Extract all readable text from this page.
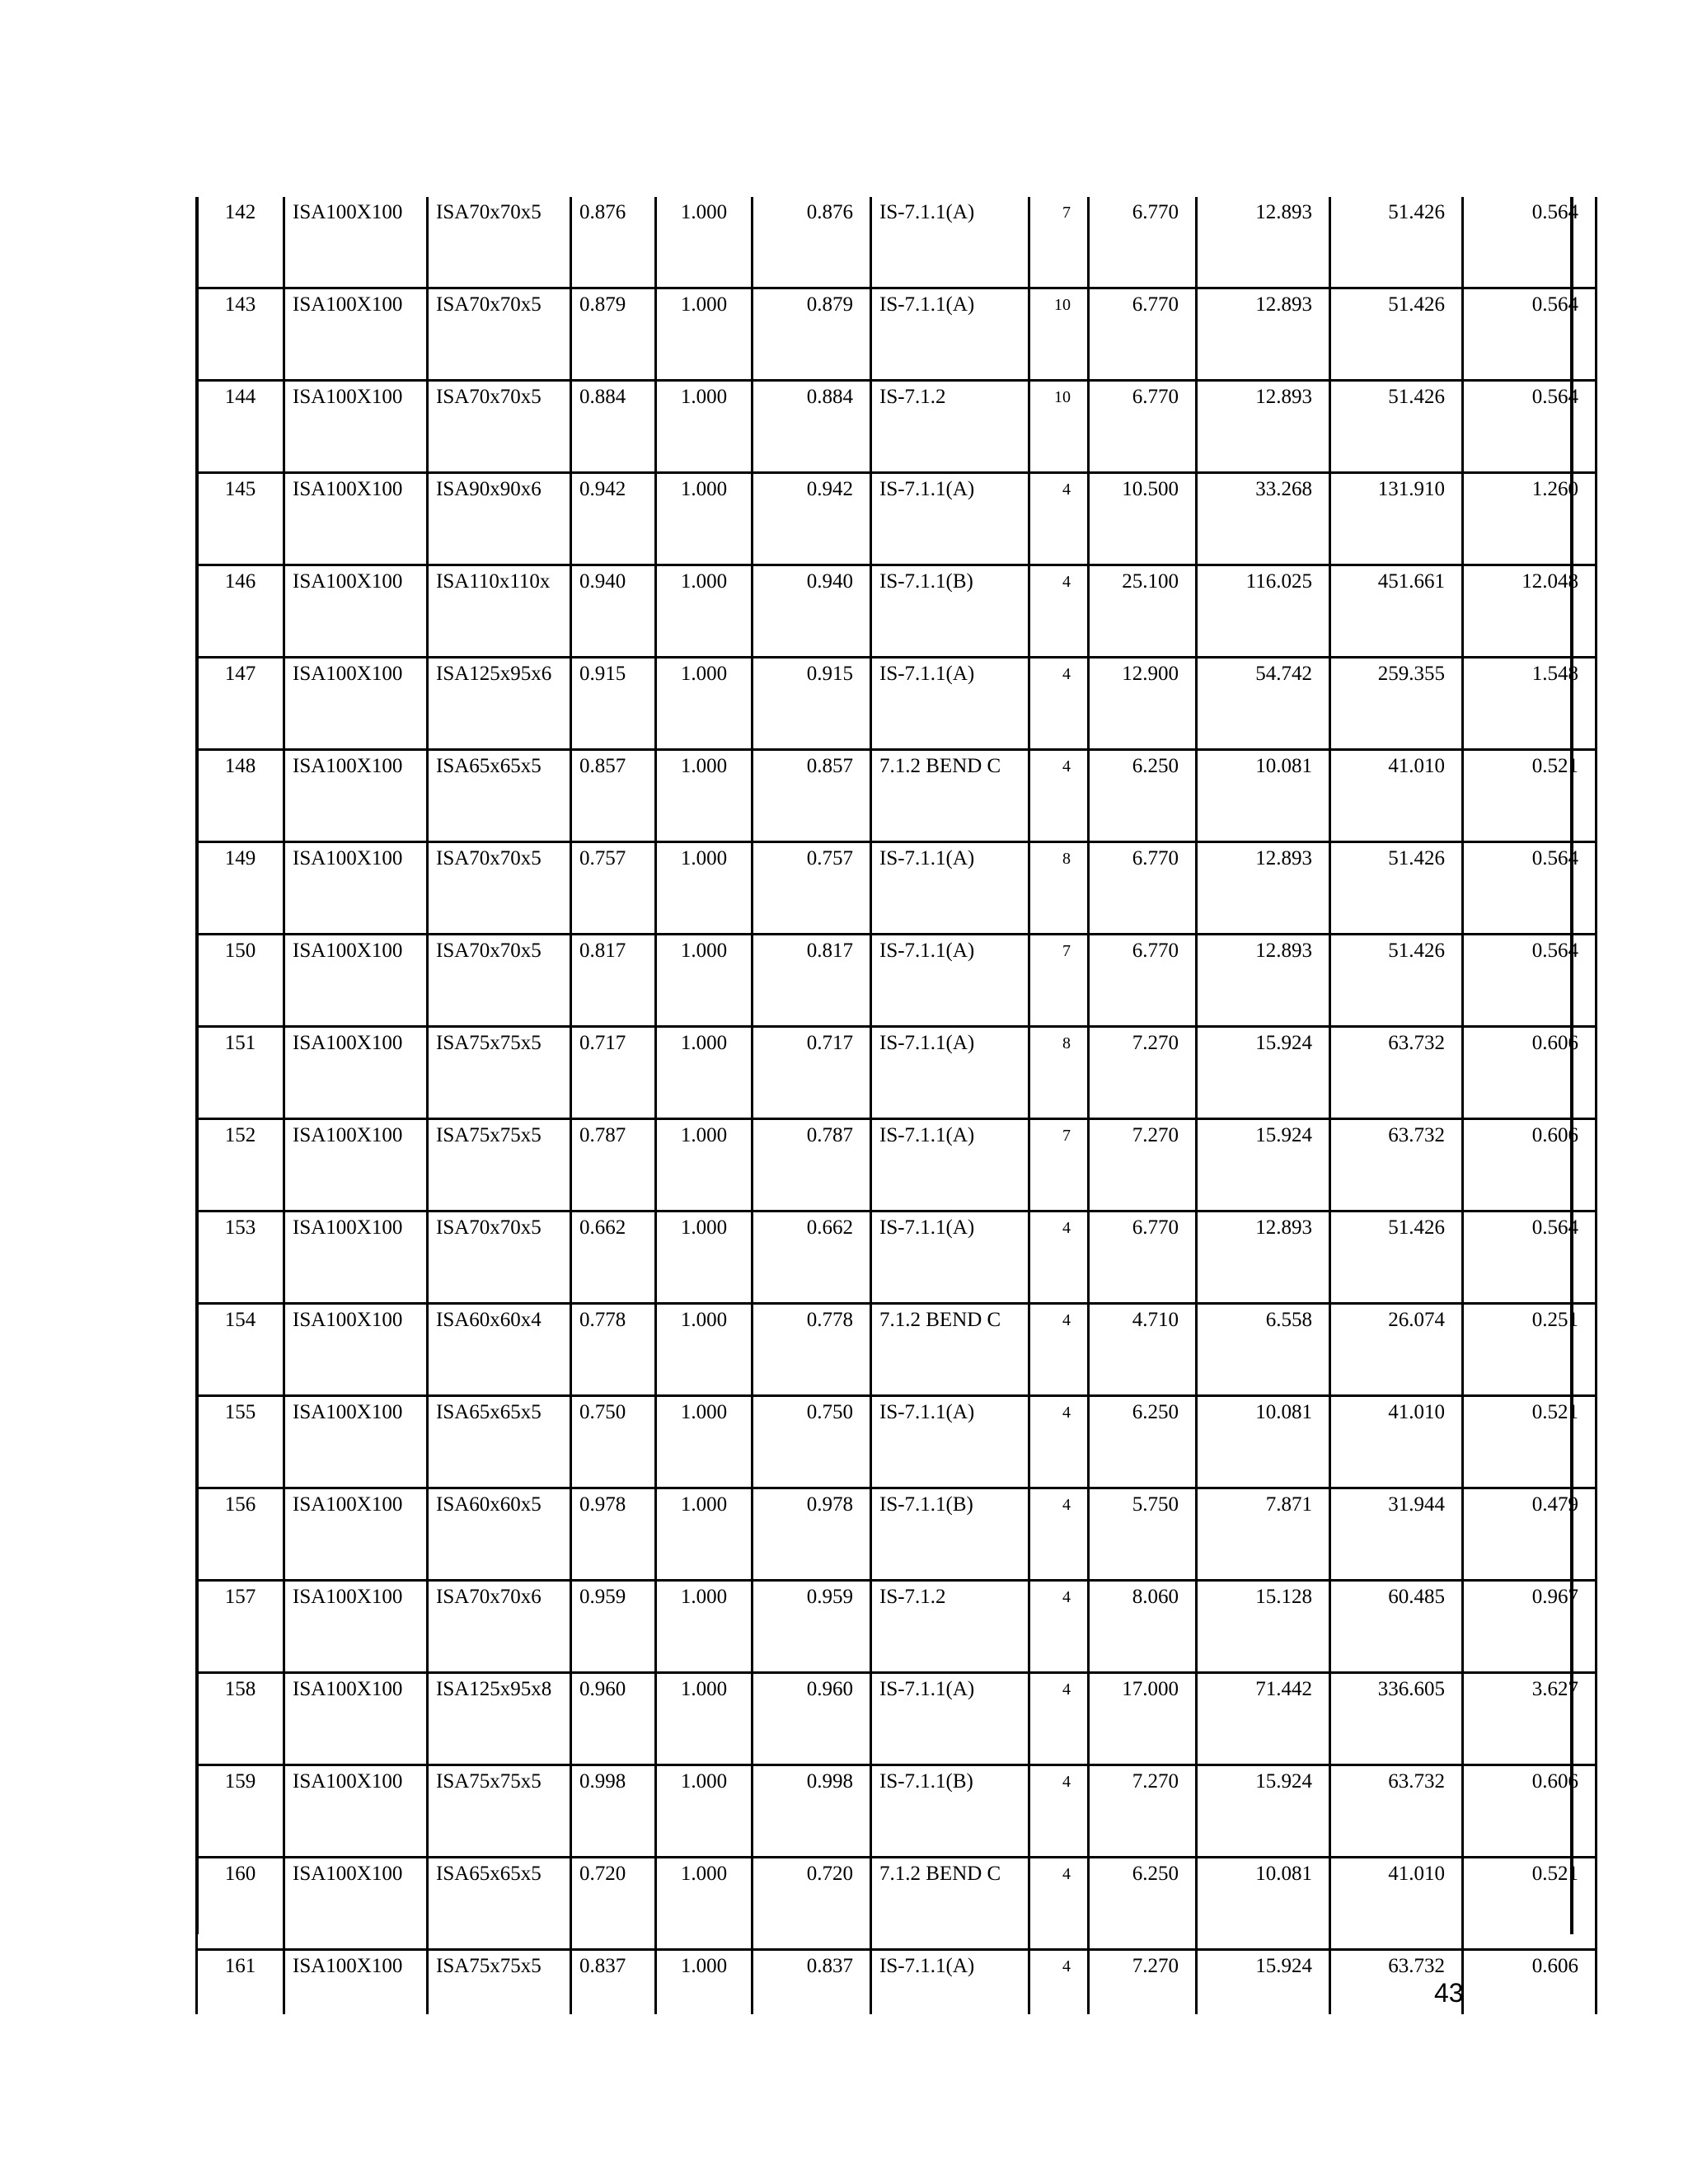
142	ISA100X100	ISA70x70x5	0.876	1.000	0.876	IS-7.1.1(A)	7	6.770	12.893	51.426	0.564
143	ISA100X100	ISA70x70x5	0.879	1.000	0.879	IS-7.1.1(A)	10	6.770	12.893	51.426	0.564
144	ISA100X100	ISA70x70x5	0.884	1.000	0.884	IS-7.1.2	10	6.770	12.893	51.426	0.564
145	ISA100X100	ISA90x90x6	0.942	1.000	0.942	IS-7.1.1(A)	4	10.500	33.268	131.910	1.260
146	ISA100X100	ISA110x110x	0.940	1.000	0.940	IS-7.1.1(B)	4	25.100	116.025	451.661	12.048
147	ISA100X100	ISA125x95x6	0.915	1.000	0.915	IS-7.1.1(A)	4	12.900	54.742	259.355	1.548
148	ISA100X100	ISA65x65x5	0.857	1.000	0.857	7.1.2 BEND C	4	6.250	10.081	41.010	0.521
149	ISA100X100	ISA70x70x5	0.757	1.000	0.757	IS-7.1.1(A)	8	6.770	12.893	51.426	0.564
150	ISA100X100	ISA70x70x5	0.817	1.000	0.817	IS-7.1.1(A)	7	6.770	12.893	51.426	0.564
151	ISA100X100	ISA75x75x5	0.717	1.000	0.717	IS-7.1.1(A)	8	7.270	15.924	63.732	0.606
152	ISA100X100	ISA75x75x5	0.787	1.000	0.787	IS-7.1.1(A)	7	7.270	15.924	63.732	0.606
153	ISA100X100	ISA70x70x5	0.662	1.000	0.662	IS-7.1.1(A)	4	6.770	12.893	51.426	0.564
154	ISA100X100	ISA60x60x4	0.778	1.000	0.778	7.1.2 BEND C	4	4.710	6.558	26.074	0.251
155	ISA100X100	ISA65x65x5	0.750	1.000	0.750	IS-7.1.1(A)	4	6.250	10.081	41.010	0.521
156	ISA100X100	ISA60x60x5	0.978	1.000	0.978	IS-7.1.1(B)	4	5.750	7.871	31.944	0.479
157	ISA100X100	ISA70x70x6	0.959	1.000	0.959	IS-7.1.2	4	8.060	15.128	60.485	0.967
158	ISA100X100	ISA125x95x8	0.960	1.000	0.960	IS-7.1.1(A)	4	17.000	71.442	336.605	3.627
159	ISA100X100	ISA75x75x5	0.998	1.000	0.998	IS-7.1.1(B)	4	7.270	15.924	63.732	0.606
160	ISA100X100	ISA65x65x5	0.720	1.000	0.720	7.1.2 BEND C	4	6.250	10.081	41.010	0.521
161	ISA100X100	ISA75x75x5	0.837	1.000	0.837	IS-7.1.1(A)	4	7.270	15.924	63.732	0.606
43
